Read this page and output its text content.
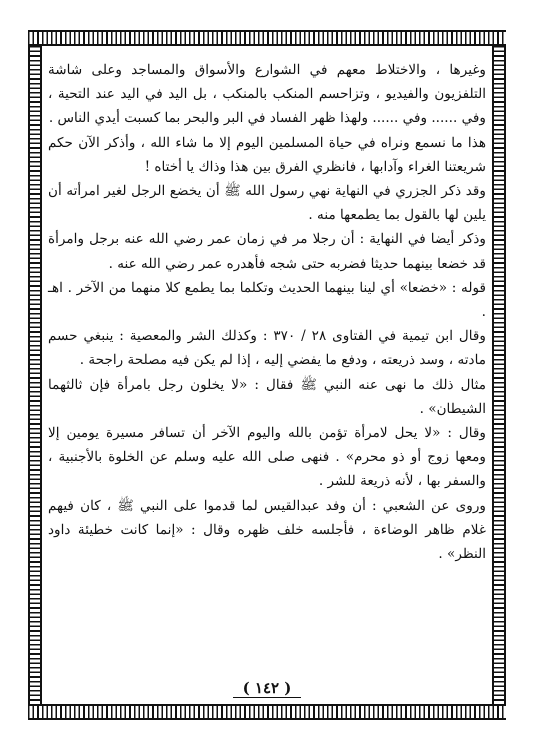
وغيرها ، والاختلاط معهم في الشوارع والأسواق والمساجد وعلى شاشة التلفزيون والفيديو ، وتزاحسم المنكب بالمنكب ، بل اليد في اليد عند التحية ، وفي ...... وفي ...... ولهذا ظهر الفساد في البر والبحر بما كسبت أيدي الناس .

هذا ما نسمع ونراه في حياة المسلمين اليوم إلا ما شاء الله ، وأذكر الآن حكم شريعتنا الغراء وآدابها ، فانظري الفرق بين هذا وذاك يا أختاه !

وقد ذكر الجزري في النهاية نهي رسول الله ﷺ أن يخضع الرجل لغير امرأته أن يلين لها بالقول بما يطمعها منه .

وذكر أيضا في النهاية : أن رجلا مر في زمان عمر رضي الله عنه برجل وامرأة قد خضعا بينهما حديثا فضربه حتى شجه فأهدره عمر رضي الله عنه .

قوله : «خضعا» أي لينا بينهما الحديث وتكلما بما يطمع كلا منهما من الآخر . اهـ .

وقال ابن تيمية في الفتاوى ٢٨ / ٣٧٠ : وكذلك الشر والمعصية : ينبغي حسم مادته ، وسد ذريعته ، ودفع ما يفضي إليه ، إذا لم يكن فيه مصلحة راجحة .

مثال ذلك ما نهى عنه النبي ﷺ فقال : «لا يخلون رجل بامرأة فإن ثالثهما الشيطان» .

وقال : «لا يحل لامرأة تؤمن بالله واليوم الآخر أن تسافر مسيرة يومين إلا ومعها زوج أو ذو محرم» . فنهى صلى الله عليه وسلم عن الخلوة بالأجنبية ، والسفر بها ، لأنه ذريعة للشر .

وروى عن الشعبي : أن وفد عبدالقيس لما قدموا على النبي ﷺ ، كان فيهم غلام ظاهر الوضاءة ، فأجلسه خلف ظهره وقال : «إنما كانت خطيئة داود النظر» .

( ١٤٢ )
